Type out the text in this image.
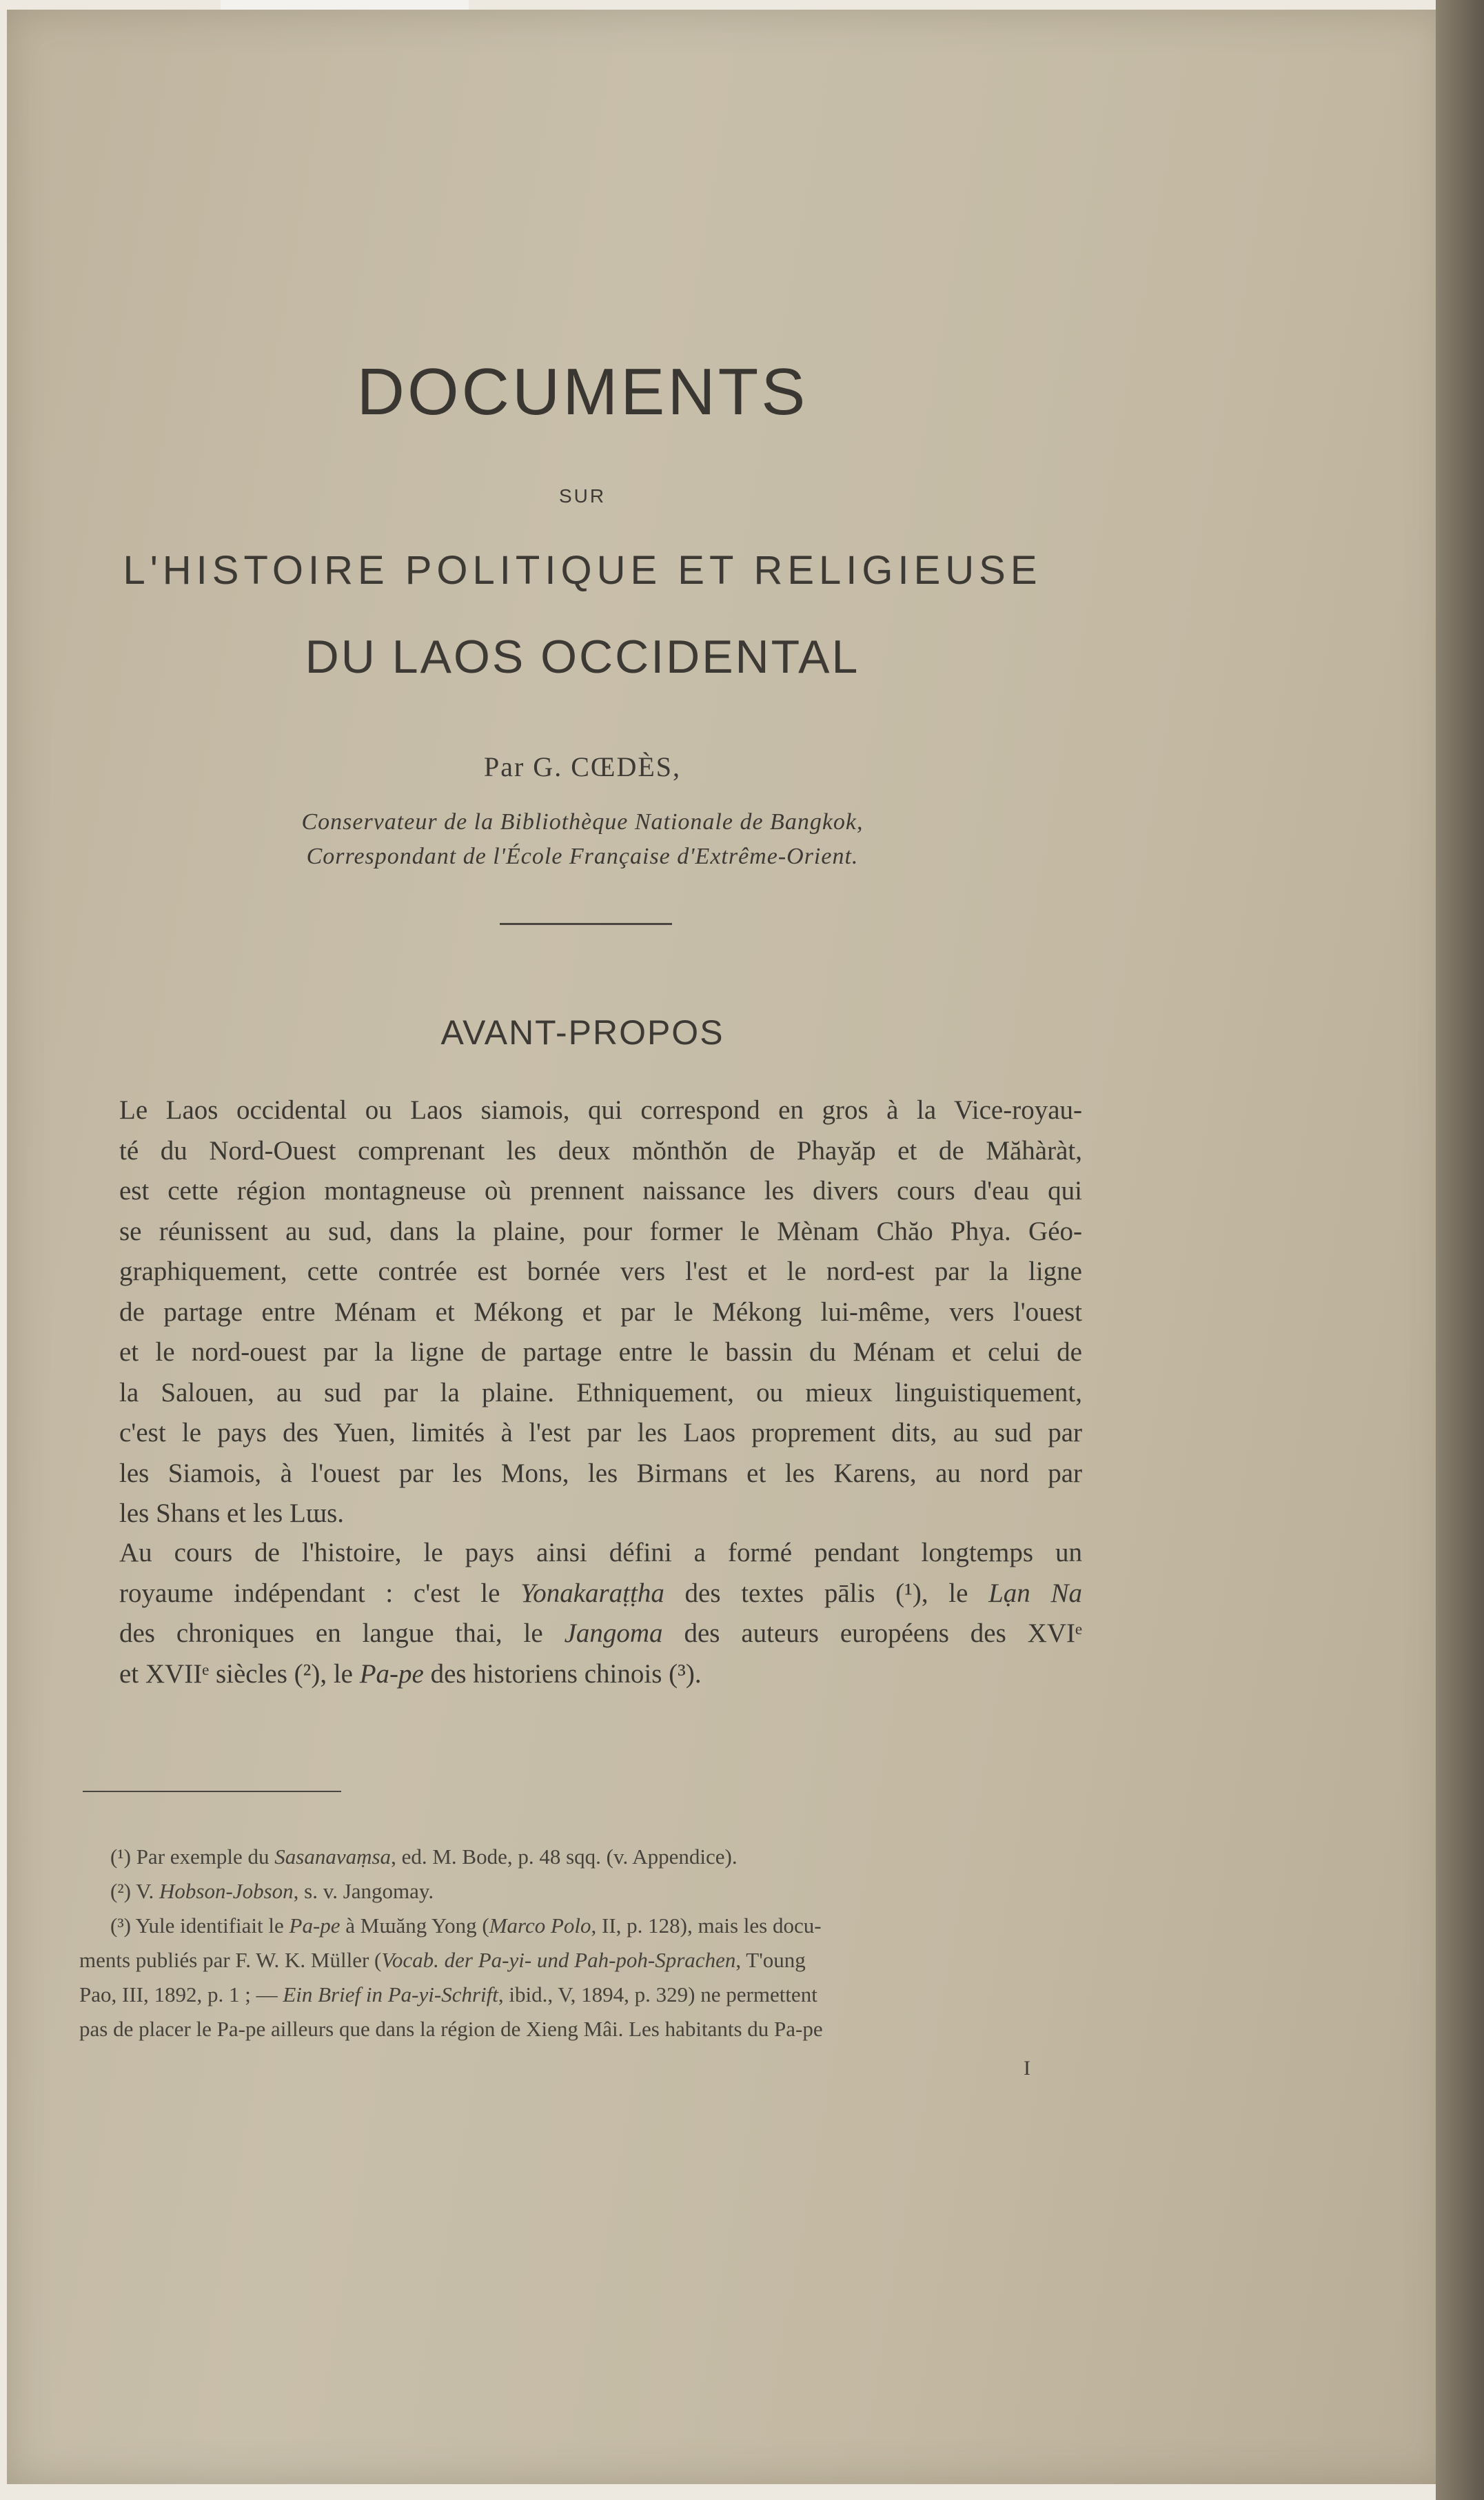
DOCUMENTS
SUR
L'HISTOIRE POLITIQUE ET RELIGIEUSE
DU LAOS OCCIDENTAL
Par G. CŒDÈS,
Conservateur de la Bibliothèque Nationale de Bangkok,
Correspondant de l'École Française d'Extrême-Orient.
AVANT-PROPOS
Le Laos occidental ou Laos siamois, qui correspond en gros à la Vice-royau-
té du Nord-Ouest comprenant les deux mŏnthŏn de Phayăp et de Măhàràt,
est cette région montagneuse où prennent naissance les divers cours d'eau qui
se réunissent au sud, dans la plaine, pour former le Mènam Chăo Phya. Géo-
graphiquement, cette contrée est bornée vers l'est et le nord-est par la ligne
de partage entre Ménam et Mékong et par le Mékong lui-même, vers l'ouest
et le nord-ouest par la ligne de partage entre le bassin du Ménam et celui de
la Salouen, au sud par la plaine. Ethniquement, ou mieux linguistiquement,
c'est le pays des Yuen, limités à l'est par les Laos proprement dits, au sud par
les Siamois, à l'ouest par les Mons, les Birmans et les Karens, au nord par
les Shans et les Lɯs.
Au cours de l'histoire, le pays ainsi défini a formé pendant longtemps un
royaume indépendant : c'est le Yonakaraṭṭha des textes pālis (¹), le Lạn Na
des chroniques en langue thai, le Jangoma des auteurs européens des XVIᵉ
et XVIIᵉ siècles (²), le Pa-pe des historiens chinois (³).
(¹) Par exemple du Sasanavaṃsa, ed. M. Bode, p. 48 sqq. (v. Appendice).
(²) V. Hobson-Jobson, s. v. Jangomay.
(³) Yule identifiait le Pa-pe à Mɯăng Yong (Marco Polo, II, p. 128), mais les docu-
ments publiés par F. W. K. Müller (Vocab. der Pa-yi- und Pah-poh-Sprachen, T'oung
Pao, III, 1892, p. 1 ; — Ein Brief in Pa-yi-Schrift, ibid., V, 1894, p. 329) ne permettent
pas de placer le Pa-pe ailleurs que dans la région de Xieng Mâi. Les habitants du Pa-pe
I
